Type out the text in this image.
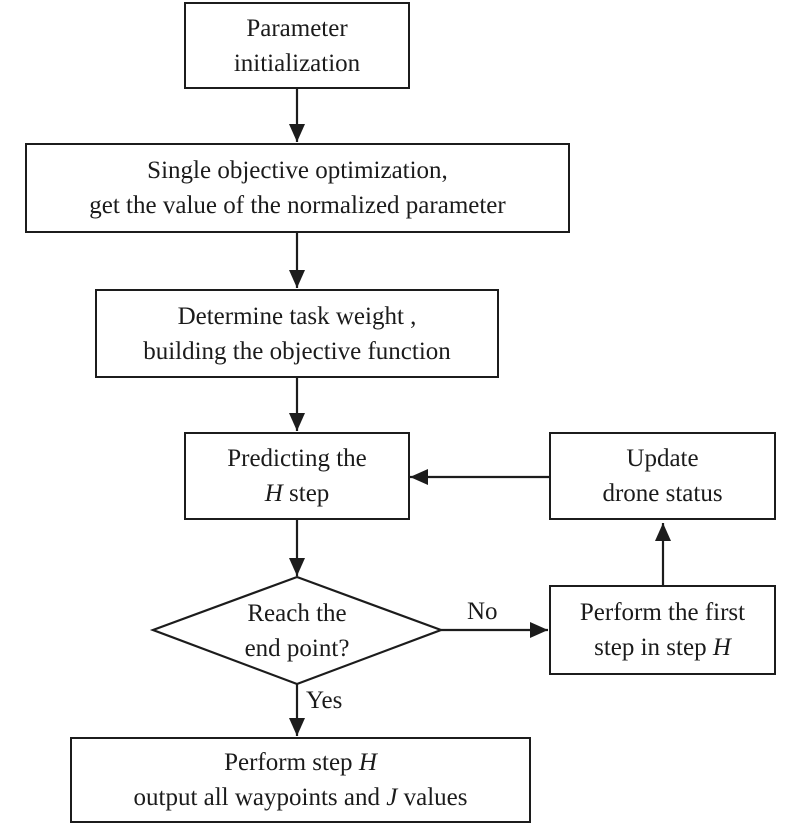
Parameter
initialization
Single objective optimization,
get the value of the normalized parameter
Determine task weight ,
building the objective function
Predicting the
H step
Update
drone status
Perform the first
step in step H
Reach the
end point?
No
Yes
Perform step H
output all waypoints and J values
